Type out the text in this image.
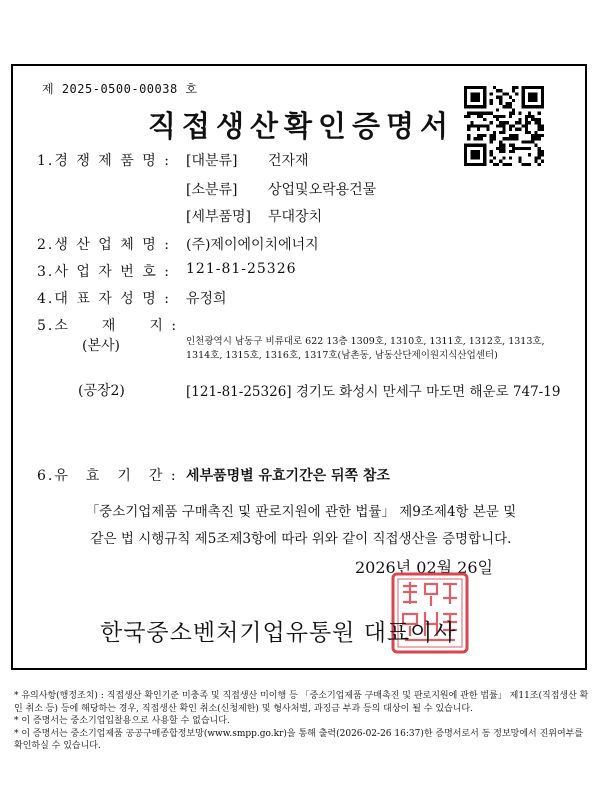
제 2025-0500-00038 호
직접생산확인증명서
1.경 쟁 제 품 명 : [대분류] 건자재
[소분류] 상업및오락용건물
[세부품명] 무대장치
2.생 산 업 체 명 : (주)제이에이치에너지
3.사 업 자 번 호 : 121-81-25326
4.대 표 자 성 명 : 유정희
5.소　　재　　지 :
(본사)	인천광역시 남동구 비류대로 622 13층 1309호, 1310호, 1311호, 1312호, 1313호,
1314호, 1315호, 1316호, 1317호(남촌동, 남동산단제이원지식산업센터)
(공장2)	[121-81-25326] 경기도 화성시 만세구 마도면 해운로 747-19
6.유　효　기　간 : 세부품명별 유효기간은 뒤쪽 참조
「중소기업제품 구매촉진 및 판로지원에 관한 법률」 제9조제4항 본문 및
같은 법 시행규칙 제5조제3항에 따라 위와 같이 직접생산을 증명합니다.
2026년 02월 26일
한국중소벤처기업유통원 대표이사

* 유의사항(행정조치) : 직접생산 확인기준 미충족 및 직접생산 미이행 등 「중소기업제품 구매촉진 및 판로지원에 관한 법률」 제11조(직접생산 확인 취소 등) 등에 해당하는 경우, 직접생산 확인 취소(신청제한) 및 형사처벌, 과징금 부과 등의 대상이 될 수 있습니다.

* 이 증명서는 중소기업입찰용으로 사용할 수 없습니다.

* 이 증명서는 중소기업제품 공공구매종합정보망(www.smpp.go.kr)을 통해 출력(2026-02-26 16:37)한 증명서로서 동 정보망에서 진위여부를 확인하실 수 있습니다.
